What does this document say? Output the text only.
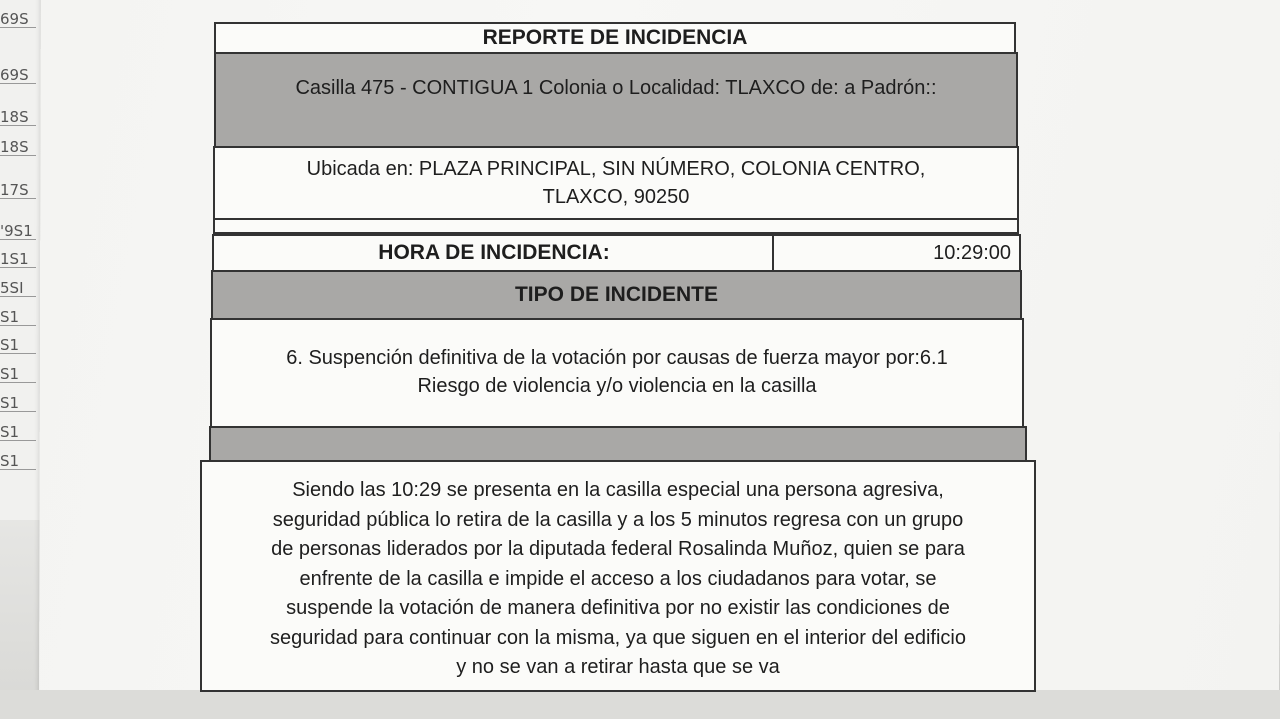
69S
69S
18S
18S
17S
'9S1
1S1
5SI
S1
S1
S1
S1
S1
S1
REPORTE DE INCIDENCIA
Casilla 475 - CONTIGUA 1 Colonia o Localidad: TLAXCO de: a Padrón::
Ubicada en: PLAZA PRINCIPAL, SIN NÚMERO, COLONIA CENTRO,
TLAXCO, 90250
HORA DE INCIDENCIA:	10:29:00
TIPO DE INCIDENTE
6. Suspención definitiva de la votación por causas de fuerza mayor por:6.1
Riesgo de violencia y/o violencia en la casilla
Siendo las 10:29 se presenta en la casilla especial una persona agresiva,
seguridad pública lo retira de la casilla y a los 5 minutos regresa con un grupo
de personas liderados por la diputada federal Rosalinda Muñoz, quien se para
enfrente de la casilla e impide el acceso a los ciudadanos para votar, se
suspende la votación de manera definitiva por no existir las condiciones de
seguridad para continuar con la misma, ya que siguen en el interior del edificio
y no se van a retirar hasta que se va
